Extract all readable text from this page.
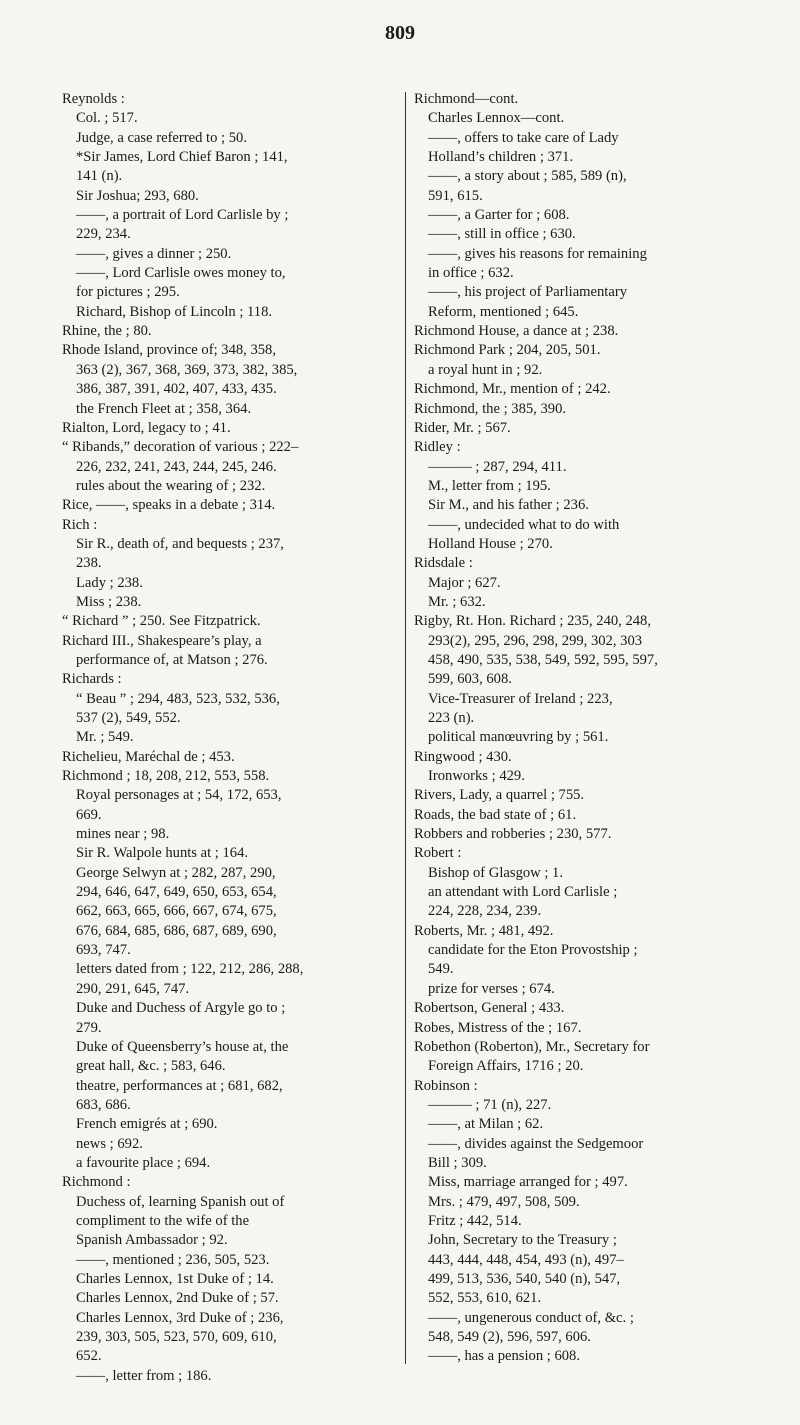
809
Reynolds :
Col. ; 517.
Judge, a case referred to ; 50.
*Sir James, Lord Chief Baron ; 141,
141 (n).
Sir Joshua; 293, 680.
——, a portrait of Lord Carlisle by ;
229, 234.
——, gives a dinner ; 250.
——, Lord Carlisle owes money to,
for pictures ; 295.
Richard, Bishop of Lincoln ; 118.
Rhine, the ; 80.
Rhode Island, province of; 348, 358,
363 (2), 367, 368, 369, 373, 382, 385,
386, 387, 391, 402, 407, 433, 435.
the French Fleet at ; 358, 364.
Rialton, Lord, legacy to ; 41.
“ Ribands,” decoration of various ; 222–
226, 232, 241, 243, 244, 245, 246.
rules about the wearing of ; 232.
Rice, ——, speaks in a debate ; 314.
Rich :
Sir R., death of, and bequests ; 237,
238.
Lady ; 238.
Miss ; 238.
“ Richard ” ; 250. See Fitzpatrick.
Richard III., Shakespeare’s play, a
performance of, at Matson ; 276.
Richards :
“ Beau ” ; 294, 483, 523, 532, 536,
537 (2), 549, 552.
Mr. ; 549.
Richelieu, Maréchal de ; 453.
Richmond ; 18, 208, 212, 553, 558.
Royal personages at ; 54, 172, 653,
669.
mines near ; 98.
Sir R. Walpole hunts at ; 164.
George Selwyn at ; 282, 287, 290,
294, 646, 647, 649, 650, 653, 654,
662, 663, 665, 666, 667, 674, 675,
676, 684, 685, 686, 687, 689, 690,
693, 747.
letters dated from ; 122, 212, 286, 288,
290, 291, 645, 747.
Duke and Duchess of Argyle go to ;
279.
Duke of Queensberry’s house at, the
great hall, &c. ; 583, 646.
theatre, performances at ; 681, 682,
683, 686.
French emigrés at ; 690.
news ; 692.
a favourite place ; 694.
Richmond :
Duchess of, learning Spanish out of
compliment to the wife of the
Spanish Ambassador ; 92.
——, mentioned ; 236, 505, 523.
Charles Lennox, 1st Duke of ; 14.
Charles Lennox, 2nd Duke of ; 57.
Charles Lennox, 3rd Duke of ; 236,
239, 303, 505, 523, 570, 609, 610,
652.
——, letter from ; 186.
Richmond—cont.
Charles Lennox—cont.
——, offers to take care of Lady
Holland’s children ; 371.
——, a story about ; 585, 589 (n),
591, 615.
——, a Garter for ; 608.
——, still in office ; 630.
——, gives his reasons for remaining
in office ; 632.
——, his project of Parliamentary
Reform, mentioned ; 645.
Richmond House, a dance at ; 238.
Richmond Park ; 204, 205, 501.
a royal hunt in ; 92.
Richmond, Mr., mention of ; 242.
Richmond, the ; 385, 390.
Rider, Mr. ; 567.
Ridley :
——— ; 287, 294, 411.
M., letter from ; 195.
Sir M., and his father ; 236.
——, undecided what to do with
Holland House ; 270.
Ridsdale :
Major ; 627.
Mr. ; 632.
Rigby, Rt. Hon. Richard ; 235, 240, 248,
293(2), 295, 296, 298, 299, 302, 303
458, 490, 535, 538, 549, 592, 595, 597,
599, 603, 608.
Vice-Treasurer of Ireland ; 223,
223 (n).
political manœuvring by ; 561.
Ringwood ; 430.
Ironworks ; 429.
Rivers, Lady, a quarrel ; 755.
Roads, the bad state of ; 61.
Robbers and robberies ; 230, 577.
Robert :
Bishop of Glasgow ; 1.
an attendant with Lord Carlisle ;
224, 228, 234, 239.
Roberts, Mr. ; 481, 492.
candidate for the Eton Provostship ;
549.
prize for verses ; 674.
Robertson, General ; 433.
Robes, Mistress of the ; 167.
Robethon (Roberton), Mr., Secretary for
Foreign Affairs, 1716 ; 20.
Robinson :
——— ; 71 (n), 227.
——, at Milan ; 62.
——, divides against the Sedgemoor
Bill ; 309.
Miss, marriage arranged for ; 497.
Mrs. ; 479, 497, 508, 509.
Fritz ; 442, 514.
John, Secretary to the Treasury ;
443, 444, 448, 454, 493 (n), 497–
499, 513, 536, 540, 540 (n), 547,
552, 553, 610, 621.
——, ungenerous conduct of, &c. ;
548, 549 (2), 596, 597, 606.
——, has a pension ; 608.
